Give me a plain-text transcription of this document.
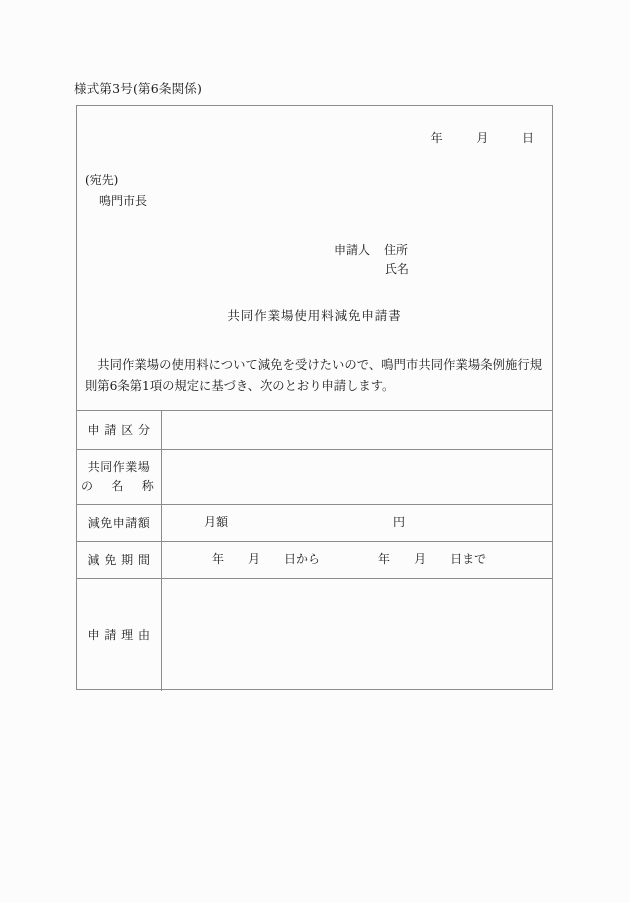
様式第3号(第6条関係)
年	月	日
(宛先)
鳴門市長
申請人 住所
氏名
共同作業場使用料減免申請書
共同作業場の使用料について減免を受けたいので、鳴門市共同作業場条例施行規則第6条第1項の規定に基づき、次のとおり申請します。
申 請 区 分	

共同作業場
の　名　称	

減免申請額	月額 円
減 免 期 間	年 月 日から 年 月 日まで
申 請 理 由	
